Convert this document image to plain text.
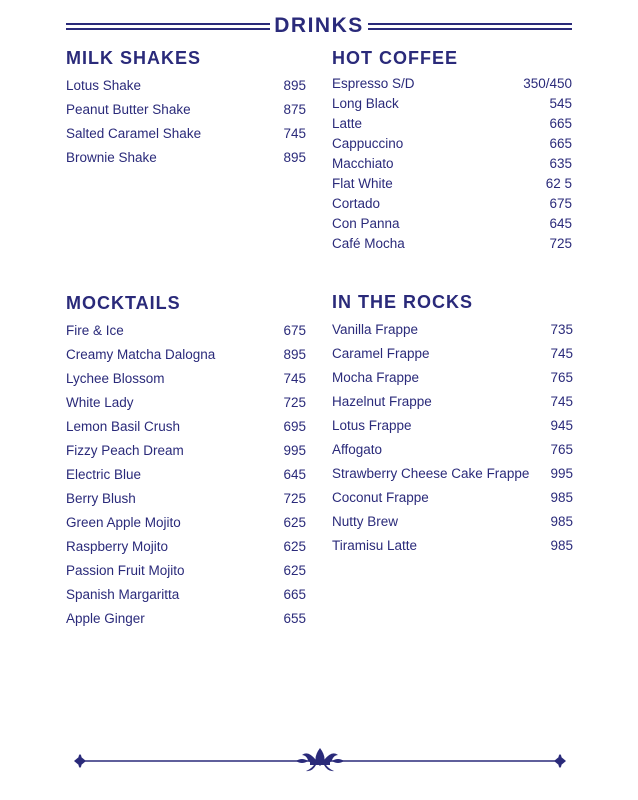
DRINKS
MILK SHAKES
Lotus Shake	895
Peanut Butter Shake	875
Salted Caramel Shake	745
Brownie Shake	895
HOT COFFEE
Espresso S/D	350/450
Long Black	545
Latte	665
Cappuccino	665
Macchiato	635
Flat White	62 5
Cortado	675
Con Panna	645
Café Mocha	725
MOCKTAILS
Fire & Ice	675
Creamy Matcha Dalogna	895
Lychee Blossom	745
White Lady	725
Lemon Basil Crush	695
Fizzy Peach Dream	995
Electric Blue	645
Berry Blush	725
Green Apple Mojito	625
Raspberry Mojito	625
Passion Fruit Mojito	625
Spanish Margaritta	665
Apple Ginger	655
IN THE ROCKS
Vanilla Frappe	735
Caramel Frappe	745
Mocha Frappe	765
Hazelnut Frappe	745
Lotus Frappe	945
Affogato	765
Strawberry Cheese Cake Frappe 995
Coconut Frappe	985
Nutty Brew	985
Tiramisu Latte	985
